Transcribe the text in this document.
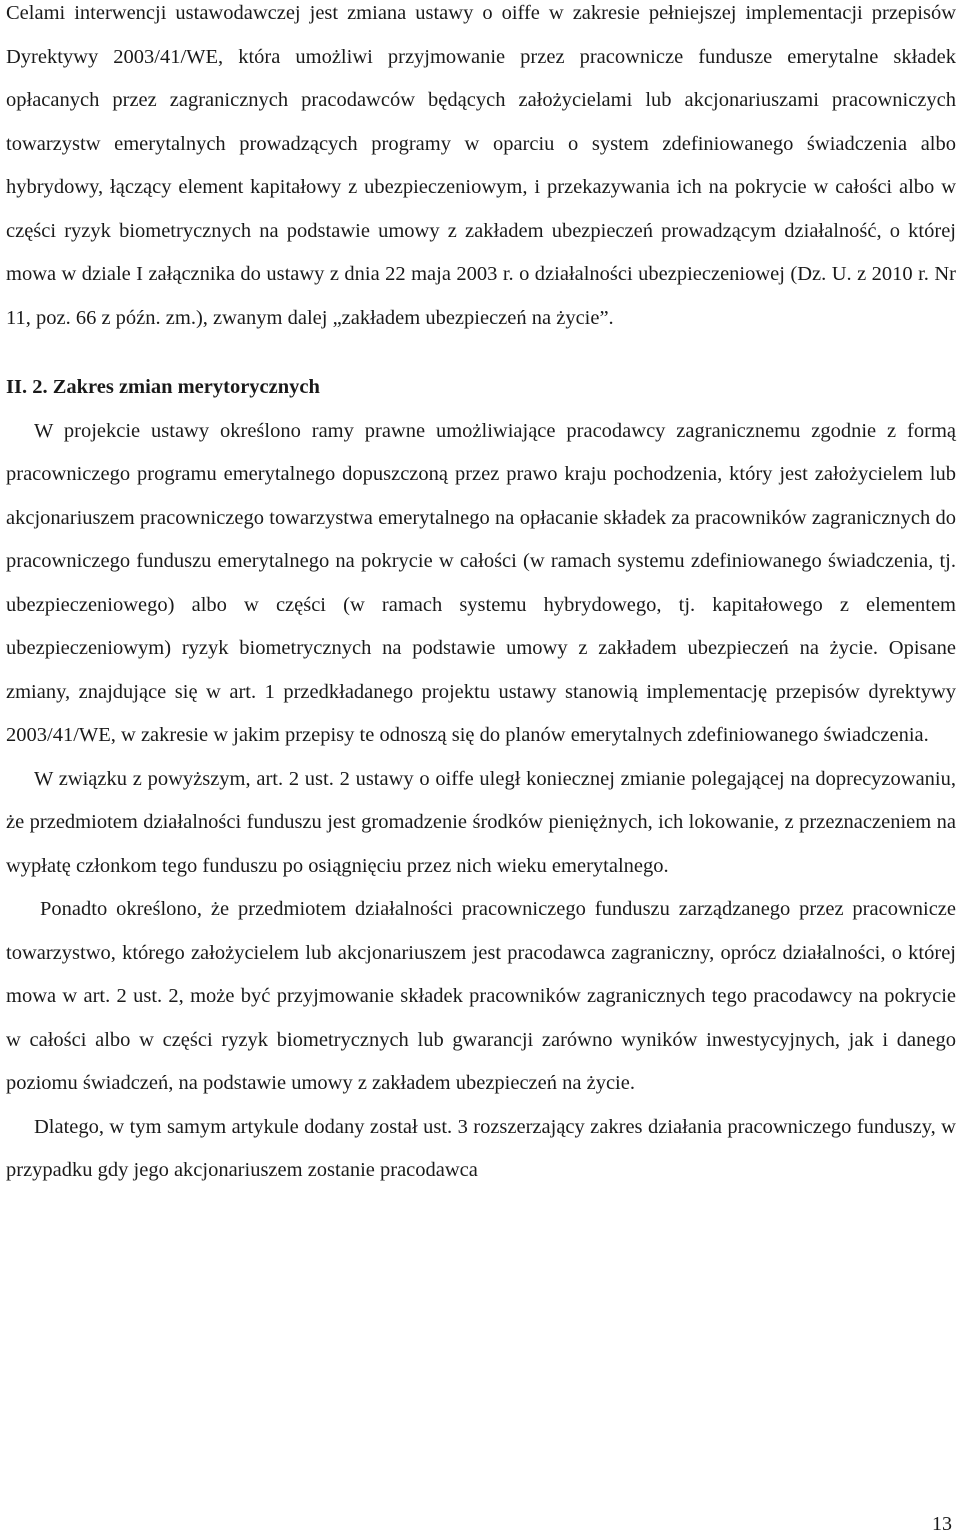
Celami interwencji ustawodawczej jest zmiana ustawy o oiffe w zakresie pełniejszej implementacji przepisów Dyrektywy 2003/41/WE, która umożliwi przyjmowanie przez pracownicze fundusze emerytalne składek opłacanych przez zagranicznych pracodawców będących założycielami lub akcjonariuszami pracowniczych towarzystw emerytalnych prowadzących programy w oparciu o system zdefiniowanego świadczenia albo hybrydowy, łączący element kapitałowy z ubezpieczeniowym, i przekazywania ich na pokrycie w całości albo w części ryzyk biometrycznych na podstawie umowy z zakładem ubezpieczeń prowadzącym działalność, o której mowa w dziale I załącznika do ustawy z dnia 22 maja 2003 r. o działalności ubezpieczeniowej (Dz. U. z 2010 r. Nr 11, poz. 66 z późn. zm.), zwanym dalej „zakładem ubezpieczeń na życie”.

II. 2. Zakres zmian merytorycznych

W projekcie ustawy określono ramy prawne umożliwiające pracodawcy zagranicznemu zgodnie z formą pracowniczego programu emerytalnego dopuszczoną przez prawo kraju pochodzenia, który jest założycielem lub akcjonariuszem pracowniczego towarzystwa emerytalnego na opłacanie składek za pracowników zagranicznych do pracowniczego funduszu emerytalnego na pokrycie w całości (w ramach systemu zdefiniowanego świadczenia, tj. ubezpieczeniowego) albo w części (w ramach systemu hybrydowego, tj. kapitałowego z elementem ubezpieczeniowym) ryzyk biometrycznych na podstawie umowy z zakładem ubezpieczeń na życie. Opisane zmiany, znajdujące się w art. 1 przedkładanego projektu ustawy stanowią implementację przepisów dyrektywy 2003/41/WE, w zakresie w jakim przepisy te odnoszą się do planów emerytalnych zdefiniowanego świadczenia.

W związku z powyższym, art. 2 ust. 2 ustawy o oiffe uległ koniecznej zmianie polegającej na doprecyzowaniu, że przedmiotem działalności funduszu jest gromadzenie środków pieniężnych, ich lokowanie, z przeznaczeniem na wypłatę członkom tego funduszu po osiągnięciu przez nich wieku emerytalnego.

Ponadto określono, że przedmiotem działalności pracowniczego funduszu zarządzanego przez pracownicze towarzystwo, którego założycielem lub akcjonariuszem jest pracodawca zagraniczny, oprócz działalności, o której mowa w art. 2 ust. 2, może być przyjmowanie składek pracowników zagranicznych tego pracodawcy na pokrycie w całości albo w części ryzyk biometrycznych lub gwarancji zarówno wyników inwestycyjnych, jak i danego poziomu świadczeń, na podstawie umowy z zakładem ubezpieczeń na życie.

Dlatego, w tym samym artykule dodany został ust. 3 rozszerzający zakres działania pracowniczego funduszy, w przypadku gdy jego akcjonariuszem zostanie pracodawca

13
